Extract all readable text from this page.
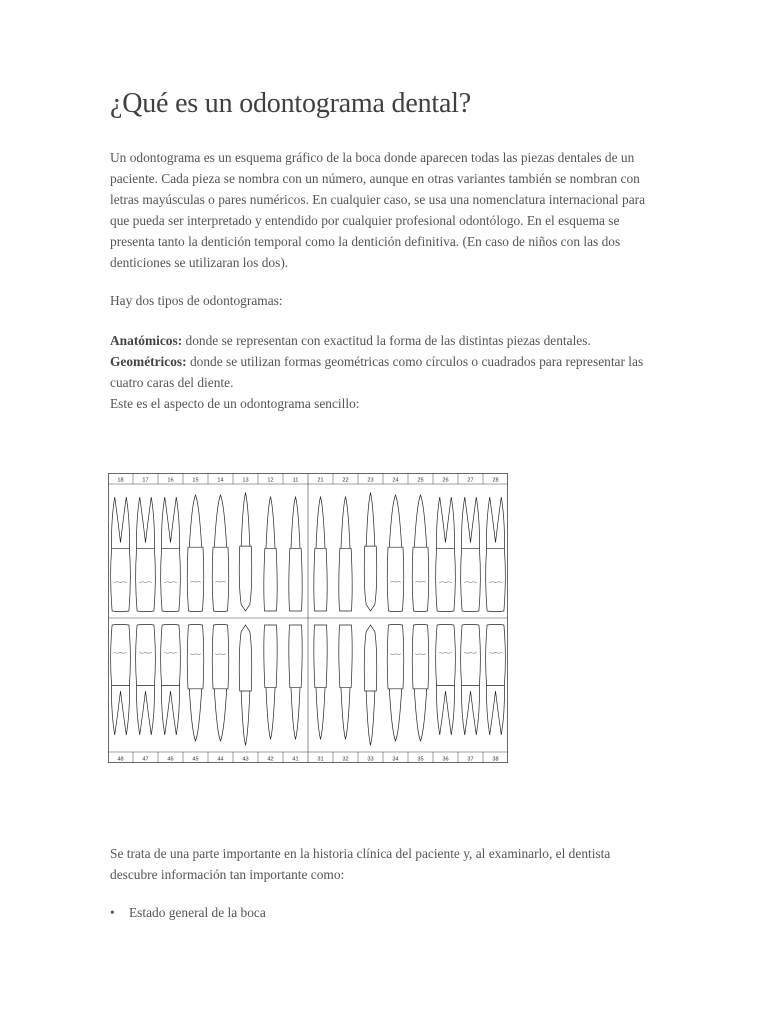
¿Qué es un odontograma dental?

Un odontograma es un esquema gráfico de la boca donde aparecen todas las piezas dentales de un paciente. Cada pieza se nombra con un número, aunque en otras variantes también se nombran con letras mayúsculas o pares numéricos. En cualquier caso, se usa una nomenclatura internacional para que pueda ser interpretado y entendido por cualquier profesional odontólogo. En el esquema se presenta tanto la dentición temporal como la dentición definitiva. (En caso de niños con las dos denticiones se utilizaran los dos).

Hay dos tipos de odontogramas:

Anatómicos: donde se representan con exactitud la forma de las distintas piezas dentales.
Geométricos: donde se utilizan formas geométricas como círculos o cuadrados para representar las cuatro caras del diente.
Este es el aspecto de un odontograma sencillo:

18	17	16	15	14	13	12	11	21	22	23	24	25	26	27	28
48	47	46	45	44	43	42	41	31	32	33	34	35	36	37	38

Se trata de una parte importante en la historia clínica del paciente y, al examinarlo, el dentista descubre información tan importante como:

• Estado general de la boca
